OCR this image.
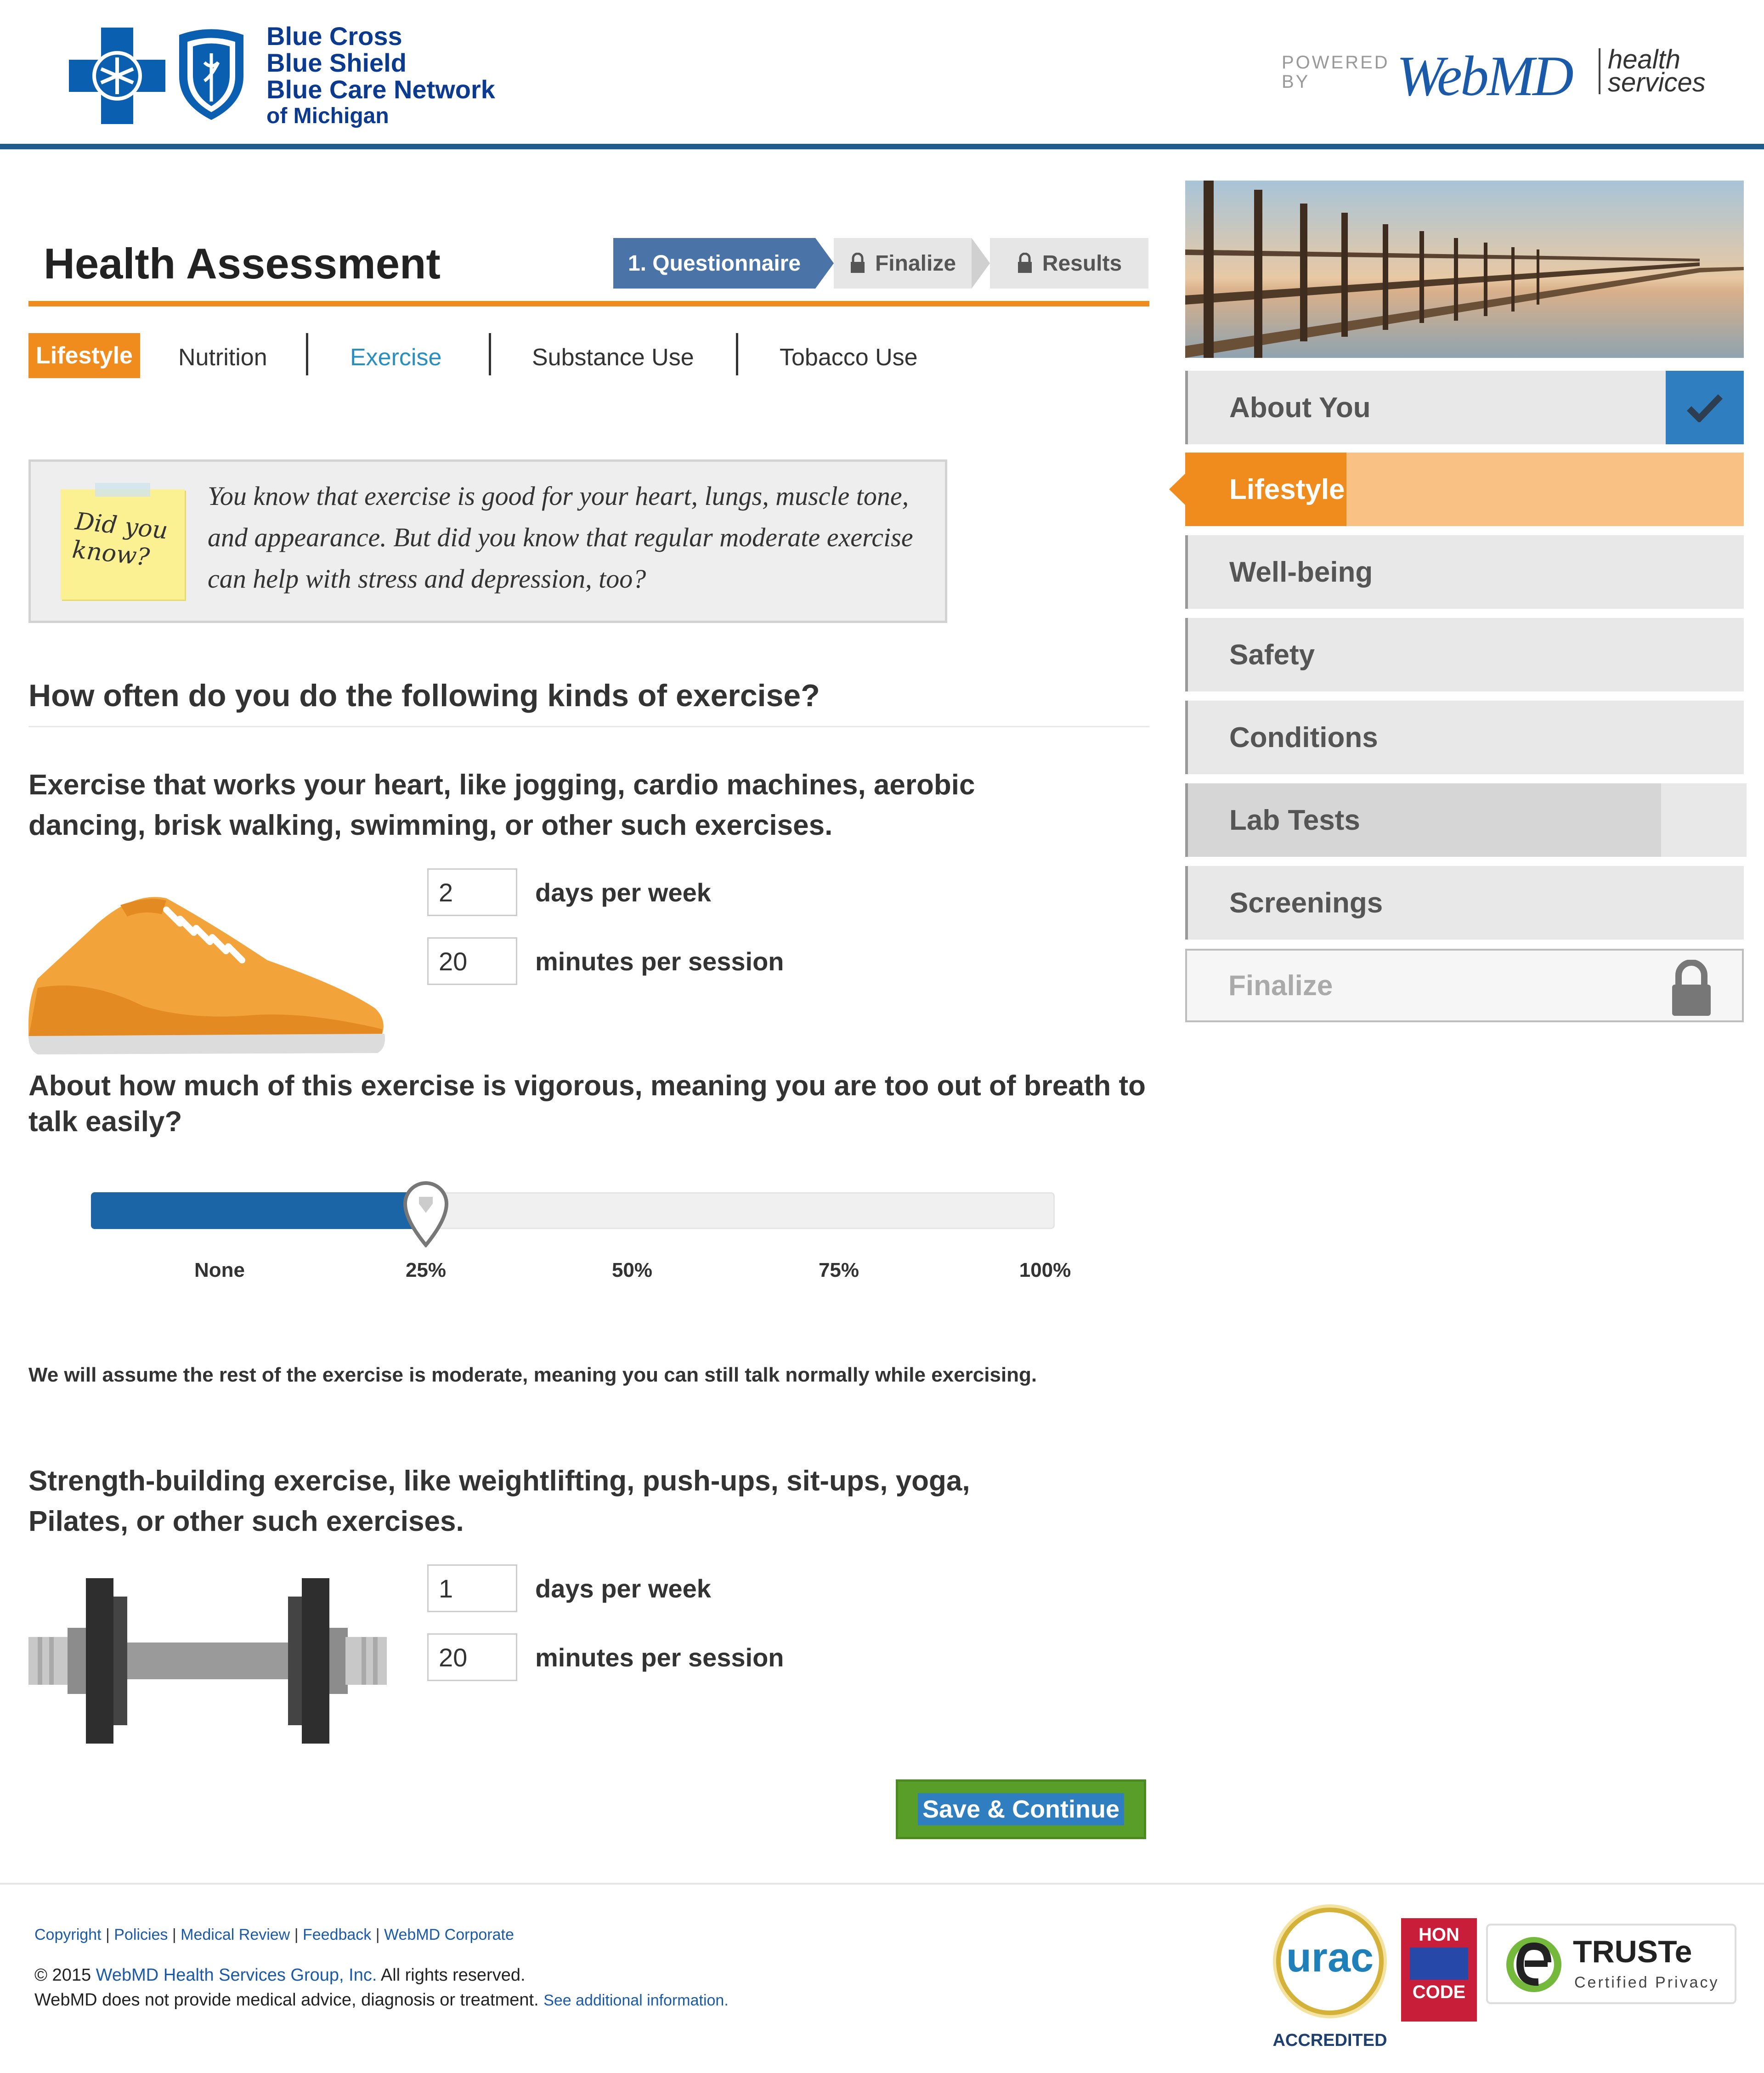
Blue Cross
Blue Shield
Blue Care Network
of Michigan
POWERED BY	WebMD health
services
Health Assessment	1. Questionnaire	Finalize	Results
Lifestyle	Nutrition	Exercise	Substance Use	Tobacco Use
Did you know?
You know that exercise is good for your heart, lungs, muscle tone, and appearance. But did you know that regular moderate exercise can help with stress and depression, too?
How often do you do the following kinds of exercise?
Exercise that works your heart, like jogging, cardio machines, aerobic dancing, brisk walking, swimming, or other such exercises.
2	days per week
20	minutes per session
About how much of this exercise is vigorous, meaning you are too out of breath to talk easily?
None	25%	50%	75%	100%
We will assume the rest of the exercise is moderate, meaning you can still talk normally while exercising.
Strength-building exercise, like weightlifting, push-ups, sit-ups, yoga, Pilates, or other such exercises.
1	days per week
20	minutes per session
Save & Continue
About You
Lifestyle
Well-being
Safety
Conditions
Lab Tests
Screenings
Finalize
Copyright | Policies | Medical Review | Feedback | WebMD Corporate
© 2015 WebMD Health Services Group, Inc. All rights reserved.
WebMD does not provide medical advice, diagnosis or treatment. See additional information.
urac
ACCREDITED
HON
CODE
TRUSTe
Certified Privacy
